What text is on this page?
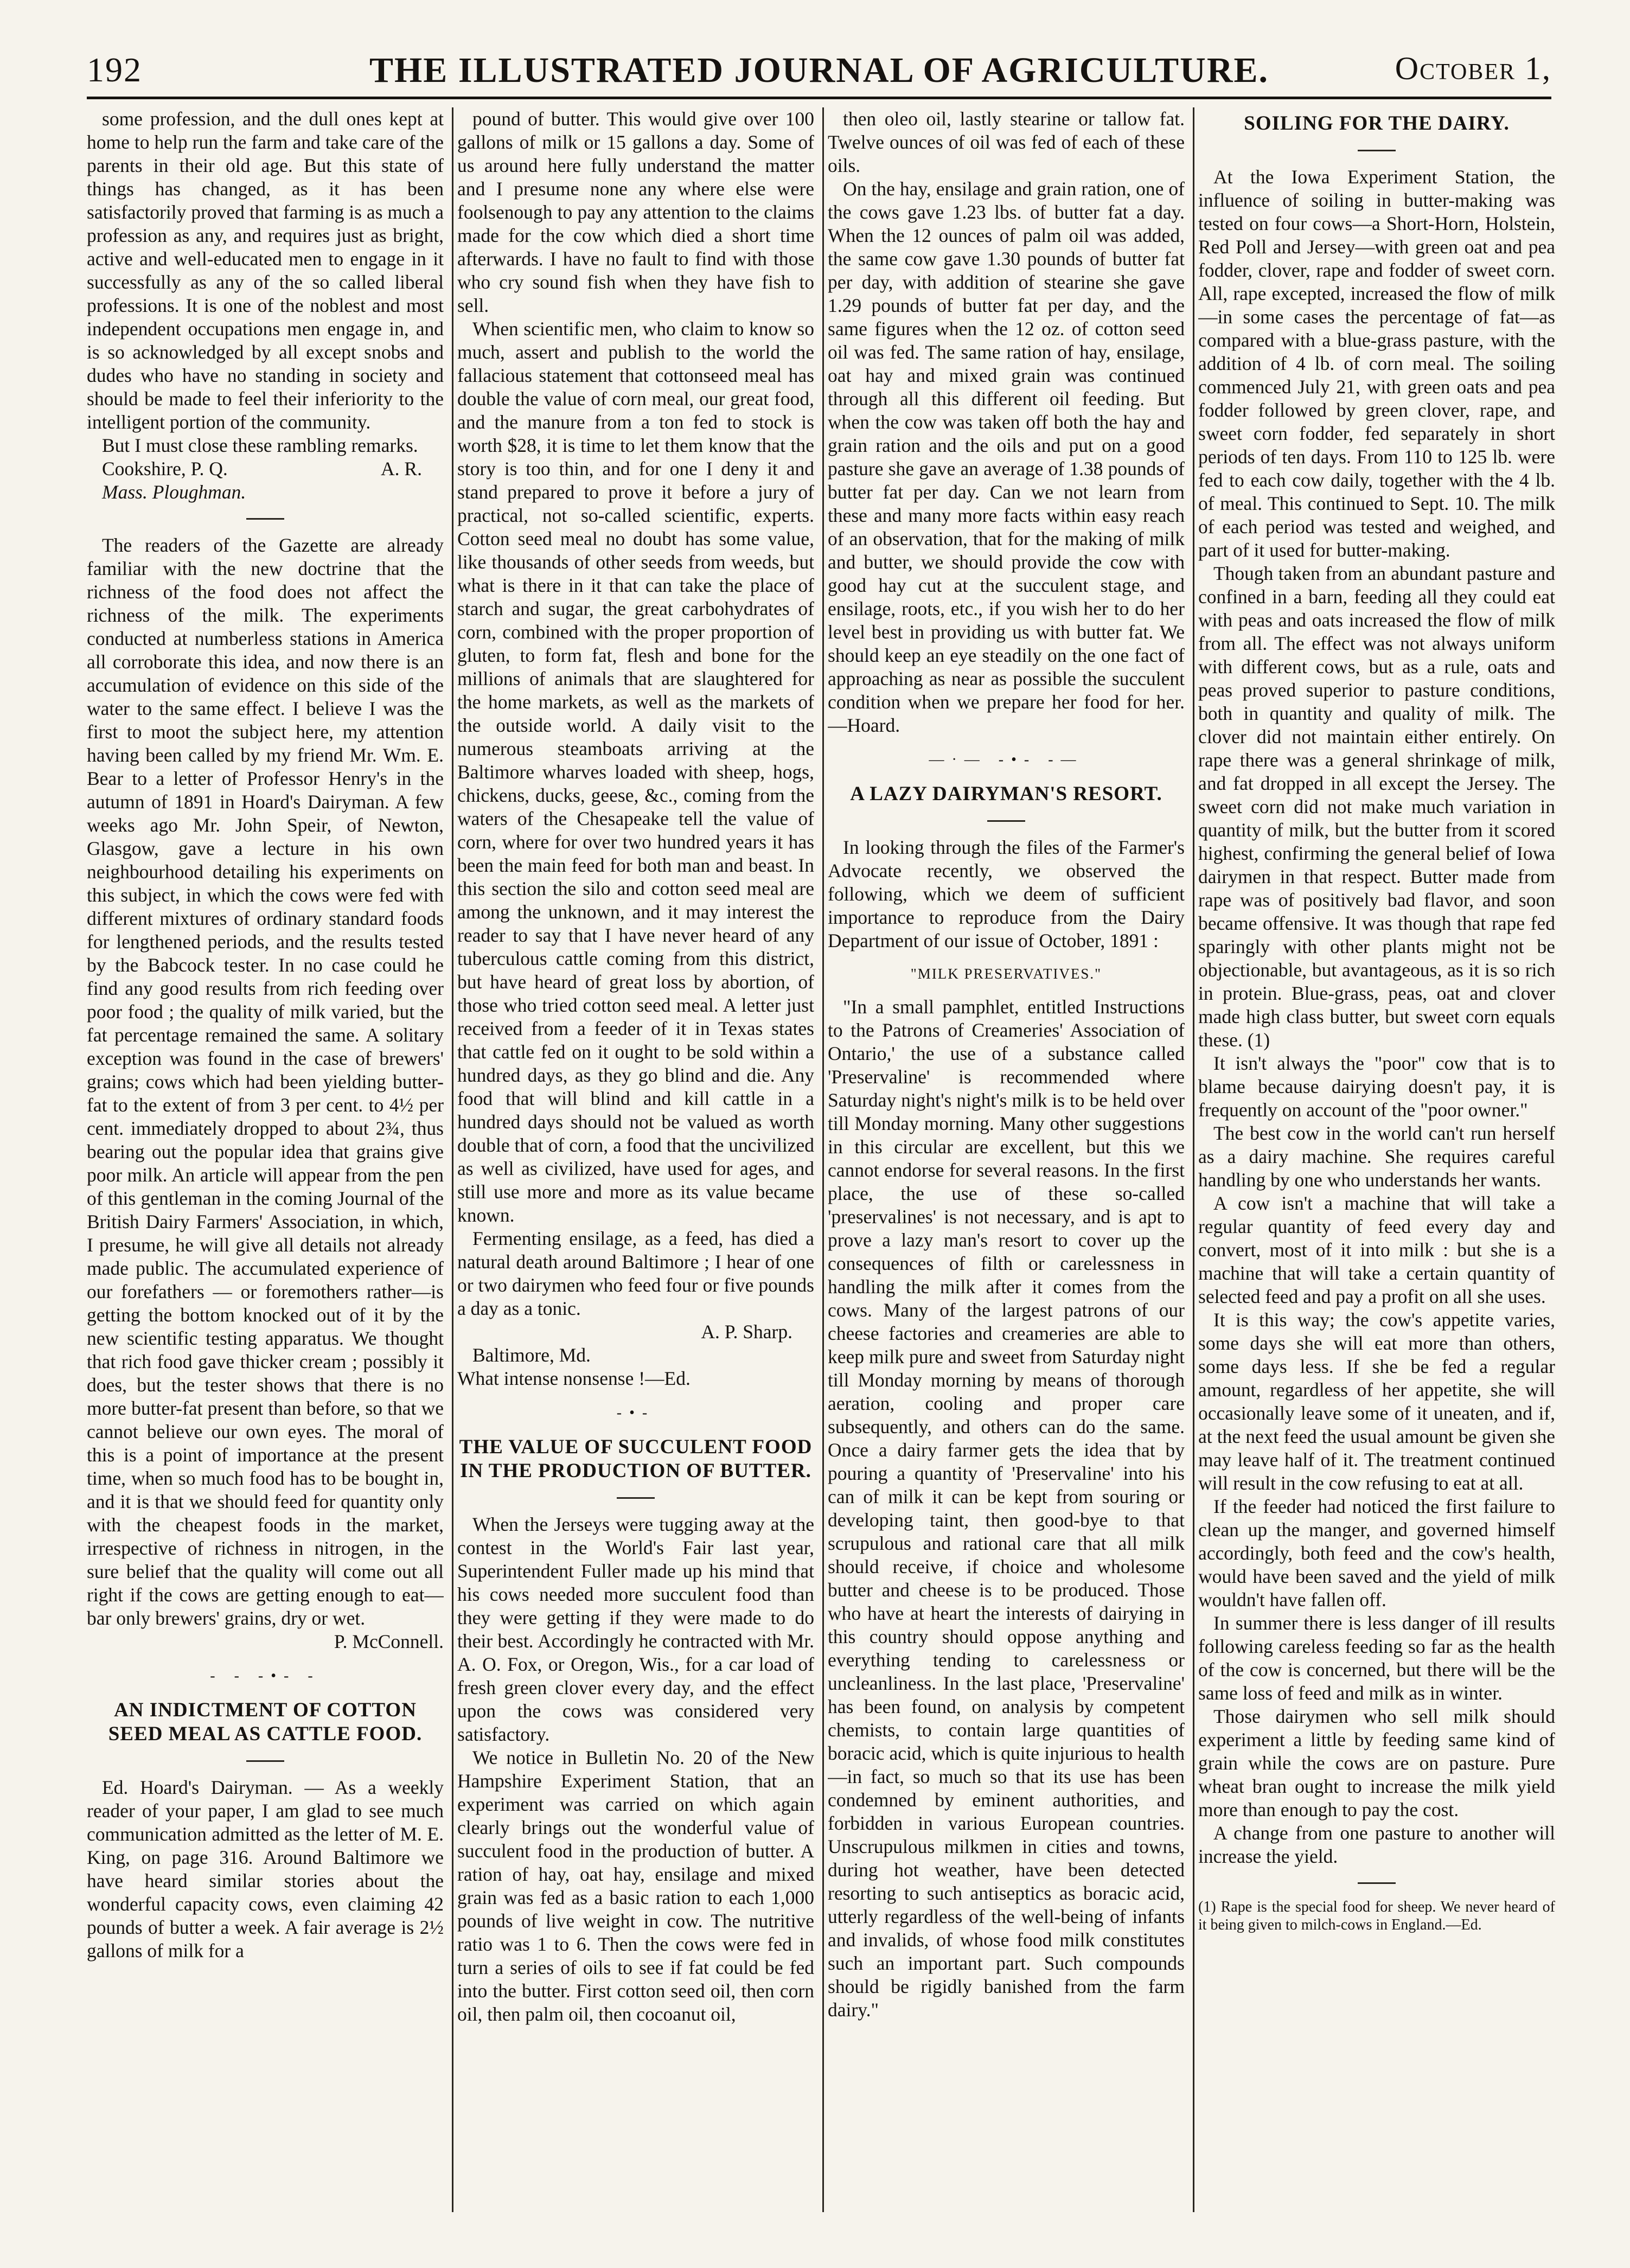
192	THE ILLUSTRATED JOURNAL OF AGRICULTURE.	October 1,

some profession, and the dull ones kept at home to help run the farm and take care of the parents in their old age. But this state of things has changed, as it has been satisfactorily proved that farming is as much a profession as any, and requires just as bright, active and well-educated men to engage in it successfully as any of the so called liberal professions. It is one of the noblest and most independent occupations men engage in, and is so acknowledged by all except snobs and dudes who have no standing in society and should be made to feel their inferiority to the intelligent portion of the community.

But I must close these rambling remarks.

Cookshire, P. Q.	A. R.

Mass. Ploughman.

The readers of the Gazette are already familiar with the new doctrine that the richness of the food does not affect the richness of the milk. The experiments conducted at numberless stations in America all corroborate this idea, and now there is an accumulation of evidence on this side of the water to the same effect. I believe I was the first to moot the subject here, my attention having been called by my friend Mr. Wm. E. Bear to a letter of Professor Henry's in the autumn of 1891 in Hoard's Dairyman. A few weeks ago Mr. John Speir, of Newton, Glasgow, gave a lecture in his own neighbourhood detailing his experiments on this subject, in which the cows were fed with different mixtures of ordinary standard foods for lengthened periods, and the results tested by the Babcock tester. In no case could he find any good results from rich feeding over poor food ; the quality of milk varied, but the fat percentage remained the same. A solitary exception was found in the case of brewers' grains; cows which had been yielding butter-fat to the extent of from 3 per cent. to 4½ per cent. immediately dropped to about 2¾, thus bearing out the popular idea that grains give poor milk. An article will appear from the pen of this gentleman in the coming Journal of the British Dairy Farmers' Association, in which, I presume, he will give all details not already made public. The accumulated experience of our forefathers — or foremothers rather—is getting the bottom knocked out of it by the new scientific testing apparatus. We thought that rich food gave thicker cream ; possibly it does, but the tester shows that there is no more butter-fat present than before, so that we cannot believe our own eyes. The moral of this is a point of importance at the present time, when so much food has to be bought in, and it is that we should feed for quantity only with the cheapest foods in the market, irrespective of richness in nitrogen, in the sure belief that the quality will come out all right if the cows are getting enough to eat—bar only brewers' grains, dry or wet.

P. McConnell.

- - -•- -
AN INDICTMENT OF COTTON SEED MEAL AS CATTLE FOOD.

Ed. Hoard's Dairyman. — As a weekly reader of your paper, I am glad to see much communication admitted as the letter of M. E. King, on page 316. Around Baltimore we have heard similar stories about the wonderful capacity cows, even claiming 42 pounds of butter a week. A fair average is 2½ gallons of milk for a

pound of butter. This would give over 100 gallons of milk or 15 gallons a day. Some of us around here fully understand the matter and I presume none any where else were foolsenough to pay any attention to the claims made for the cow which died a short time afterwards. I have no fault to find with those who cry sound fish when they have fish to sell.

When scientific men, who claim to know so much, assert and publish to the world the fallacious statement that cottonseed meal has double the value of corn meal, our great food, and the manure from a ton fed to stock is worth $28, it is time to let them know that the story is too thin, and for one I deny it and stand prepared to prove it before a jury of practical, not so-called scientific, experts. Cotton seed meal no doubt has some value, like thousands of other seeds from weeds, but what is there in it that can take the place of starch and sugar, the great carbohydrates of corn, combined with the proper proportion of gluten, to form fat, flesh and bone for the millions of animals that are slaughtered for the home markets, as well as the markets of the outside world. A daily visit to the numerous steamboats arriving at the Baltimore wharves loaded with sheep, hogs, chickens, ducks, geese, &c., coming from the waters of the Chesapeake tell the value of corn, where for over two hundred years it has been the main feed for both man and beast. In this section the silo and cotton seed meal are among the unknown, and it may interest the reader to say that I have never heard of any tuberculous cattle coming from this district, but have heard of great loss by abortion, of those who tried cotton seed meal. A letter just received from a feeder of it in Texas states that cattle fed on it ought to be sold within a hundred days, as they go blind and die. Any food that will blind and kill cattle in a hundred days should not be valued as worth double that of corn, a food that the uncivilized as well as civilized, have used for ages, and still use more and more as its value became known.

Fermenting ensilage, as a feed, has died a natural death around Baltimore ; I hear of one or two dairymen who feed four or five pounds a day as a tonic.

A. P. Sharp.

Baltimore, Md.

What intense nonsense !—Ed.

-•-
THE VALUE OF SUCCULENT FOOD IN THE PRODUCTION OF BUTTER.

When the Jerseys were tugging away at the contest in the World's Fair last year, Superintendent Fuller made up his mind that his cows needed more succulent food than they were getting if they were made to do their best. Accordingly he contracted with Mr. A. O. Fox, or Oregon, Wis., for a car load of fresh green clover every day, and the effect upon the cows was considered very satisfactory.

We notice in Bulletin No. 20 of the New Hampshire Experiment Station, that an experiment was carried on which again clearly brings out the wonderful value of succulent food in the production of butter. A ration of hay, oat hay, ensilage and mixed grain was fed as a basic ration to each 1,000 pounds of live weight in cow. The nutritive ratio was 1 to 6. Then the cows were fed in turn a series of oils to see if fat could be fed into the butter. First cotton seed oil, then corn oil, then palm oil, then cocoanut oil,

then oleo oil, lastly stearine or tallow fat. Twelve ounces of oil was fed of each of these oils.

On the hay, ensilage and grain ration, one of the cows gave 1.23 lbs. of butter fat a day. When the 12 ounces of palm oil was added, the same cow gave 1.30 pounds of butter fat per day, with addition of stearine she gave 1.29 pounds of butter fat per day, and the same figures when the 12 oz. of cotton seed oil was fed. The same ration of hay, ensilage, oat hay and mixed grain was continued through all this different oil feeding. But when the cow was taken off both the hay and grain ration and the oils and put on a good pasture she gave an average of 1.38 pounds of butter fat per day. Can we not learn from these and many more facts within easy reach of an observation, that for the making of milk and butter, we should provide the cow with good hay cut at the succulent stage, and ensilage, roots, etc., if you wish her to do her level best in providing us with butter fat. We should keep an eye steadily on the one fact of approaching as near as possible the succulent condition when we prepare her food for her.—Hoard.

—·— -•- -—
A LAZY DAIRYMAN'S RESORT.

In looking through the files of the Farmer's Advocate recently, we observed the following, which we deem of sufficient importance to reproduce from the Dairy Department of our issue of October, 1891 :

"MILK PRESERVATIVES."

"In a small pamphlet, entitled Instructions to the Patrons of Creameries' Association of Ontario,' the use of a substance called 'Preservaline' is recommended where Saturday night's night's milk is to be held over till Monday morning. Many other suggestions in this circular are excellent, but this we cannot endorse for several reasons. In the first place, the use of these so-called 'preservalines' is not necessary, and is apt to prove a lazy man's resort to cover up the consequences of filth or carelessness in handling the milk after it comes from the cows. Many of the largest patrons of our cheese factories and creameries are able to keep milk pure and sweet from Saturday night till Monday morning by means of thorough aeration, cooling and proper care subsequently, and others can do the same. Once a dairy farmer gets the idea that by pouring a quantity of 'Preservaline' into his can of milk it can be kept from souring or developing taint, then good-bye to that scrupulous and rational care that all milk should receive, if choice and wholesome butter and cheese is to be produced. Those who have at heart the interests of dairying in this country should oppose anything and everything tending to carelessness or uncleanliness. In the last place, 'Preservaline' has been found, on analysis by competent chemists, to contain large quantities of boracic acid, which is quite injurious to health—in fact, so much so that its use has been condemned by eminent authorities, and forbidden in various European countries. Unscrupulous milkmen in cities and towns, during hot weather, have been detected resorting to such antiseptics as boracic acid, utterly regardless of the well-being of infants and invalids, of whose food milk constitutes such an important part. Such compounds should be rigidly banished from the farm dairy."

SOILING FOR THE DAIRY.

At the Iowa Experiment Station, the influence of soiling in butter-making was tested on four cows—a Short-Horn, Holstein, Red Poll and Jersey—with green oat and pea fodder, clover, rape and fodder of sweet corn. All, rape excepted, increased the flow of milk—in some cases the percentage of fat—as compared with a blue-grass pasture, with the addition of 4 lb. of corn meal. The soiling commenced July 21, with green oats and pea fodder followed by green clover, rape, and sweet corn fodder, fed separately in short periods of ten days. From 110 to 125 lb. were fed to each cow daily, together with the 4 lb. of meal. This continued to Sept. 10. The milk of each period was tested and weighed, and part of it used for butter-making.

Though taken from an abundant pasture and confined in a barn, feeding all they could eat with peas and oats increased the flow of milk from all. The effect was not always uniform with different cows, but as a rule, oats and peas proved superior to pasture conditions, both in quantity and quality of milk. The clover did not maintain either entirely. On rape there was a general shrinkage of milk, and fat dropped in all except the Jersey. The sweet corn did not make much variation in quantity of milk, but the butter from it scored highest, confirming the general belief of Iowa dairymen in that respect. Butter made from rape was of positively bad flavor, and soon became offensive. It was though that rape fed sparingly with other plants might not be objectionable, but avantageous, as it is so rich in protein. Blue-grass, peas, oat and clover made high class butter, but sweet corn equals these. (1)

It isn't always the "poor" cow that is to blame because dairying doesn't pay, it is frequently on account of the "poor owner."

The best cow in the world can't run herself as a dairy machine. She requires careful handling by one who understands her wants.

A cow isn't a machine that will take a regular quantity of feed every day and convert, most of it into milk : but she is a machine that will take a certain quantity of selected feed and pay a profit on all she uses.

It is this way; the cow's appetite varies, some days she will eat more than others, some days less. If she be fed a regular amount, regardless of her appetite, she will occasionally leave some of it uneaten, and if, at the next feed the usual amount be given she may leave half of it. The treatment continued will result in the cow refusing to eat at all.

If the feeder had noticed the first failure to clean up the manger, and governed himself accordingly, both feed and the cow's health, would have been saved and the yield of milk wouldn't have fallen off.

In summer there is less danger of ill results following careless feeding so far as the health of the cow is concerned, but there will be the same loss of feed and milk as in winter.

Those dairymen who sell milk should experiment a little by feeding same kind of grain while the cows are on pasture. Pure wheat bran ought to increase the milk yield more than enough to pay the cost.

A change from one pasture to another will increase the yield.

(1) Rape is the special food for sheep. We never heard of it being given to milch-cows in England.—Ed.
